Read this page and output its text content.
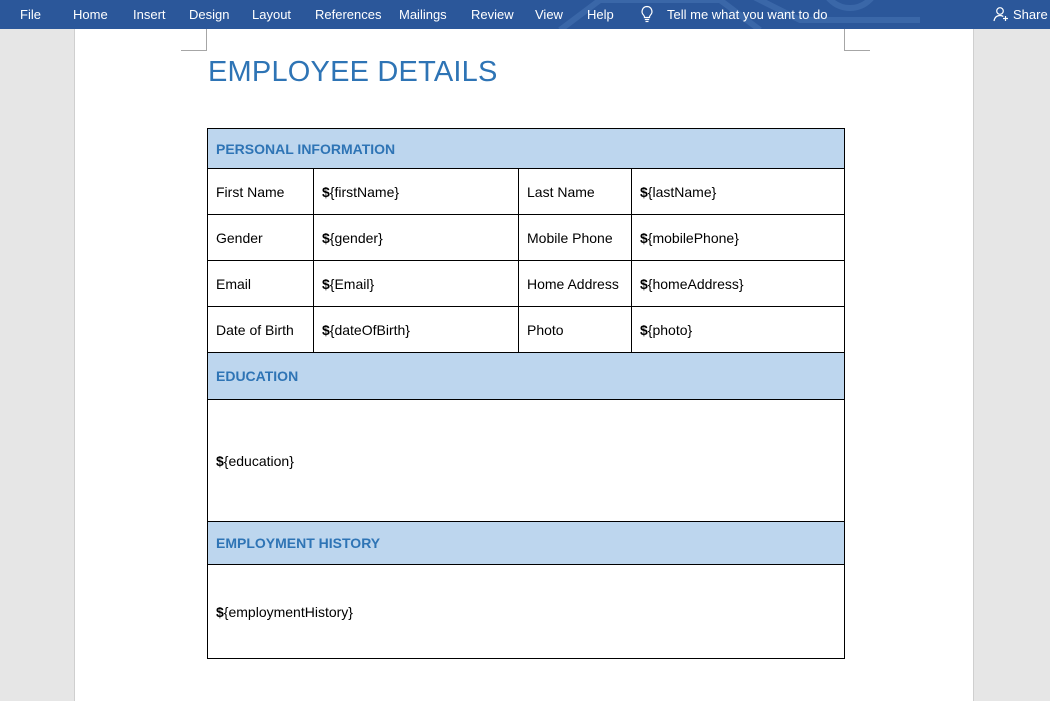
File Home Insert Design Layout References Mailings Review View Help	Tell me what you want to do	Share
EMPLOYEE DETAILS
PERSONAL INFORMATION			
First Name	${firstName}	Last Name	${lastName}
Gender	${gender}	Mobile Phone	${mobilePhone}
Email	${Email}	Home Address	${homeAddress}
Date of Birth	${dateOfBirth}	Photo	${photo}
EDUCATION			
${education}			
EMPLOYMENT HISTORY			
${employmentHistory}			
